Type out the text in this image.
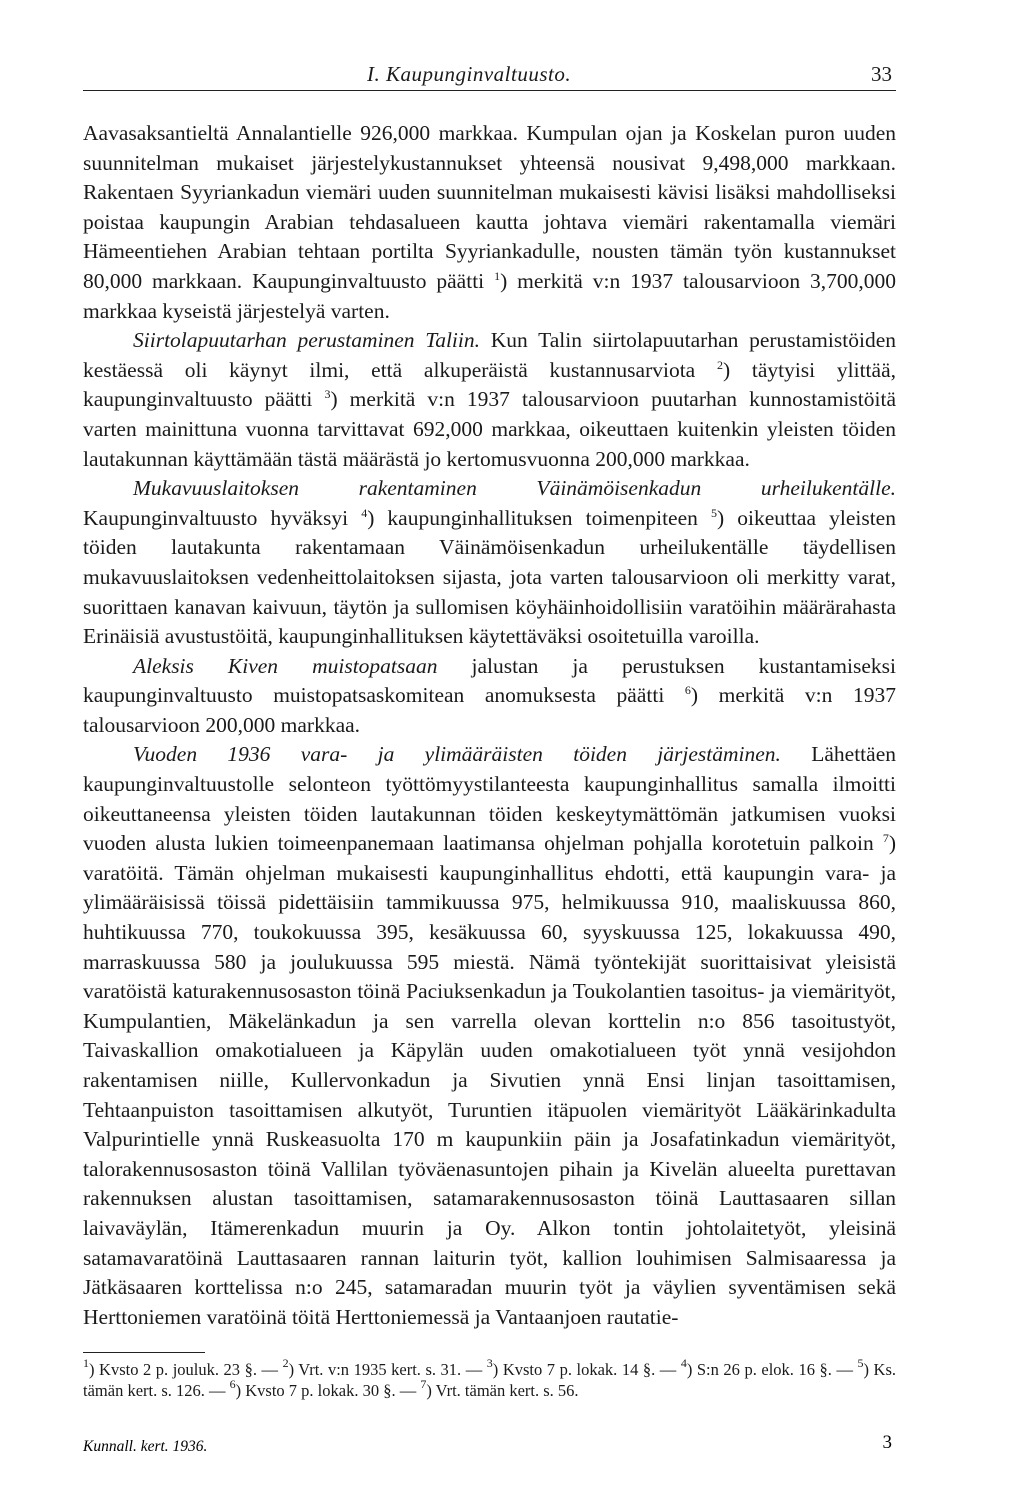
I. Kaupunginvaltuusto.	33

Aavasaksantieltä Annalantielle 926,000 markkaa. Kumpulan ojan ja Koskelan puron uuden suunnitelman mukaiset järjestelykustannukset yhteensä nousivat 9,498,000 markkaan. Rakentaen Syyriankadun viemäri uuden suunnitelman mukaisesti kävisi lisäksi mahdolliseksi poistaa kaupungin Arabian tehdasalueen kautta johtava viemäri rakentamalla viemäri Hämeentiehen Arabian tehtaan portilta Syyriankadulle, nousten tämän työn kustannukset 80,000 markkaan. Kaupunginvaltuusto päätti $^1$) merkitä v:n 1937 talousarvioon 3,700,000 markkaa kyseistä järjestelyä varten.

Siirtolapuutarhan perustaminen Taliin. Kun Talin siirtolapuutarhan perustamistöiden kestäessä oli käynyt ilmi, että alkuperäistä kustannusarviota $^2$) täytyisi ylittää, kaupunginvaltuusto päätti $^3$) merkitä v:n 1937 talousarvioon puutarhan kunnostamistöitä varten mainittuna vuonna tarvittavat 692,000 markkaa, oikeuttaen kuitenkin yleisten töiden lautakunnan käyttämään tästä määrästä jo kertomusvuonna 200,000 markkaa.

Mukavuuslaitoksen rakentaminen Väinämöisenkadun urheilukentälle. Kaupunginvaltuusto hyväksyi $^4$) kaupunginhallituksen toimenpiteen $^5$) oikeuttaa yleisten töiden lautakunta rakentamaan Väinämöisenkadun urheilukentälle täydellisen mukavuuslaitoksen vedenheittolaitoksen sijasta, jota varten talousarvioon oli merkitty varat, suorittaen kanavan kaivuun, täytön ja sullomisen köyhäinhoidollisiin varatöihin määrärahasta Erinäisiä avustustöitä, kaupunginhallituksen käytettäväksi osoitetuilla varoilla.

Aleksis Kiven muistopatsaan jalustan ja perustuksen kustantamiseksi kaupunginvaltuusto muistopatsaskomitean anomuksesta päätti $^6$) merkitä v:n 1937 talousarvioon 200,000 markkaa.

Vuoden 1936 vara- ja ylimääräisten töiden järjestäminen. Lähettäen kaupunginvaltuustolle selonteon työttömyystilanteesta kaupunginhallitus samalla ilmoitti oikeuttaneensa yleisten töiden lautakunnan töiden keskeytymättömän jatkumisen vuoksi vuoden alusta lukien toimeenpanemaan laatimansa ohjelman pohjalla korotetuin palkoin $^7$) varatöitä. Tämän ohjelman mukaisesti kaupunginhallitus ehdotti, että kaupungin vara- ja ylimääräisissä töissä pidettäisiin tammikuussa 975, helmikuussa 910, maaliskuussa 860, huhtikuussa 770, toukokuussa 395, kesäkuussa 60, syyskuussa 125, lokakuussa 490, marraskuussa 580 ja joulukuussa 595 miestä. Nämä työntekijät suorittaisivat yleisistä varatöistä katurakennusosaston töinä Paciuksenkadun ja Toukolantien tasoitus- ja viemärityöt, Kumpulantien, Mäkelänkadun ja sen varrella olevan korttelin n:o 856 tasoitustyöt, Taivaskallion omakotialueen ja Käpylän uuden omakotialueen työt ynnä vesijohdon rakentamisen niille, Kullervonkadun ja Sivutien ynnä Ensi linjan tasoittamisen, Tehtaanpuiston tasoittamisen alkutyöt, Turuntien itäpuolen viemärityöt Lääkärinkadulta Valpurintielle ynnä Ruskeasuolta 170 m kaupunkiin päin ja Josafatinkadun viemärityöt, talorakennusosaston töinä Vallilan työväenasuntojen pihain ja Kivelän alueelta purettavan rakennuksen alustan tasoittamisen, satamarakennusosaston töinä Lauttasaaren sillan laivaväylän, Itämerenkadun muurin ja Oy. Alkon tontin johtolaitetyöt, yleisinä satamavaratöinä Lauttasaaren rannan laiturin työt, kallion louhimisen Salmisaaressa ja Jätkäsaaren korttelissa n:o 245, satamaradan muurin työt ja väylien syventämisen sekä Herttoniemen varatöinä töitä Herttoniemessä ja Vantaanjoen rautatie-

$^1$) Kvsto 2 p. jouluk. 23 §. — $^2$) Vrt. v:n 1935 kert. s. 31. — $^3$) Kvsto 7 p. lokak. 14 §. — $^4$) S:n 26 p. elok. 16 §. — $^5$) Ks. tämän kert. s. 126. — $^6$) Kvsto 7 p. lokak. 30 §. — $^7$) Vrt. tämän kert. s. 56.
Kunnall. kert. 1936.	3
